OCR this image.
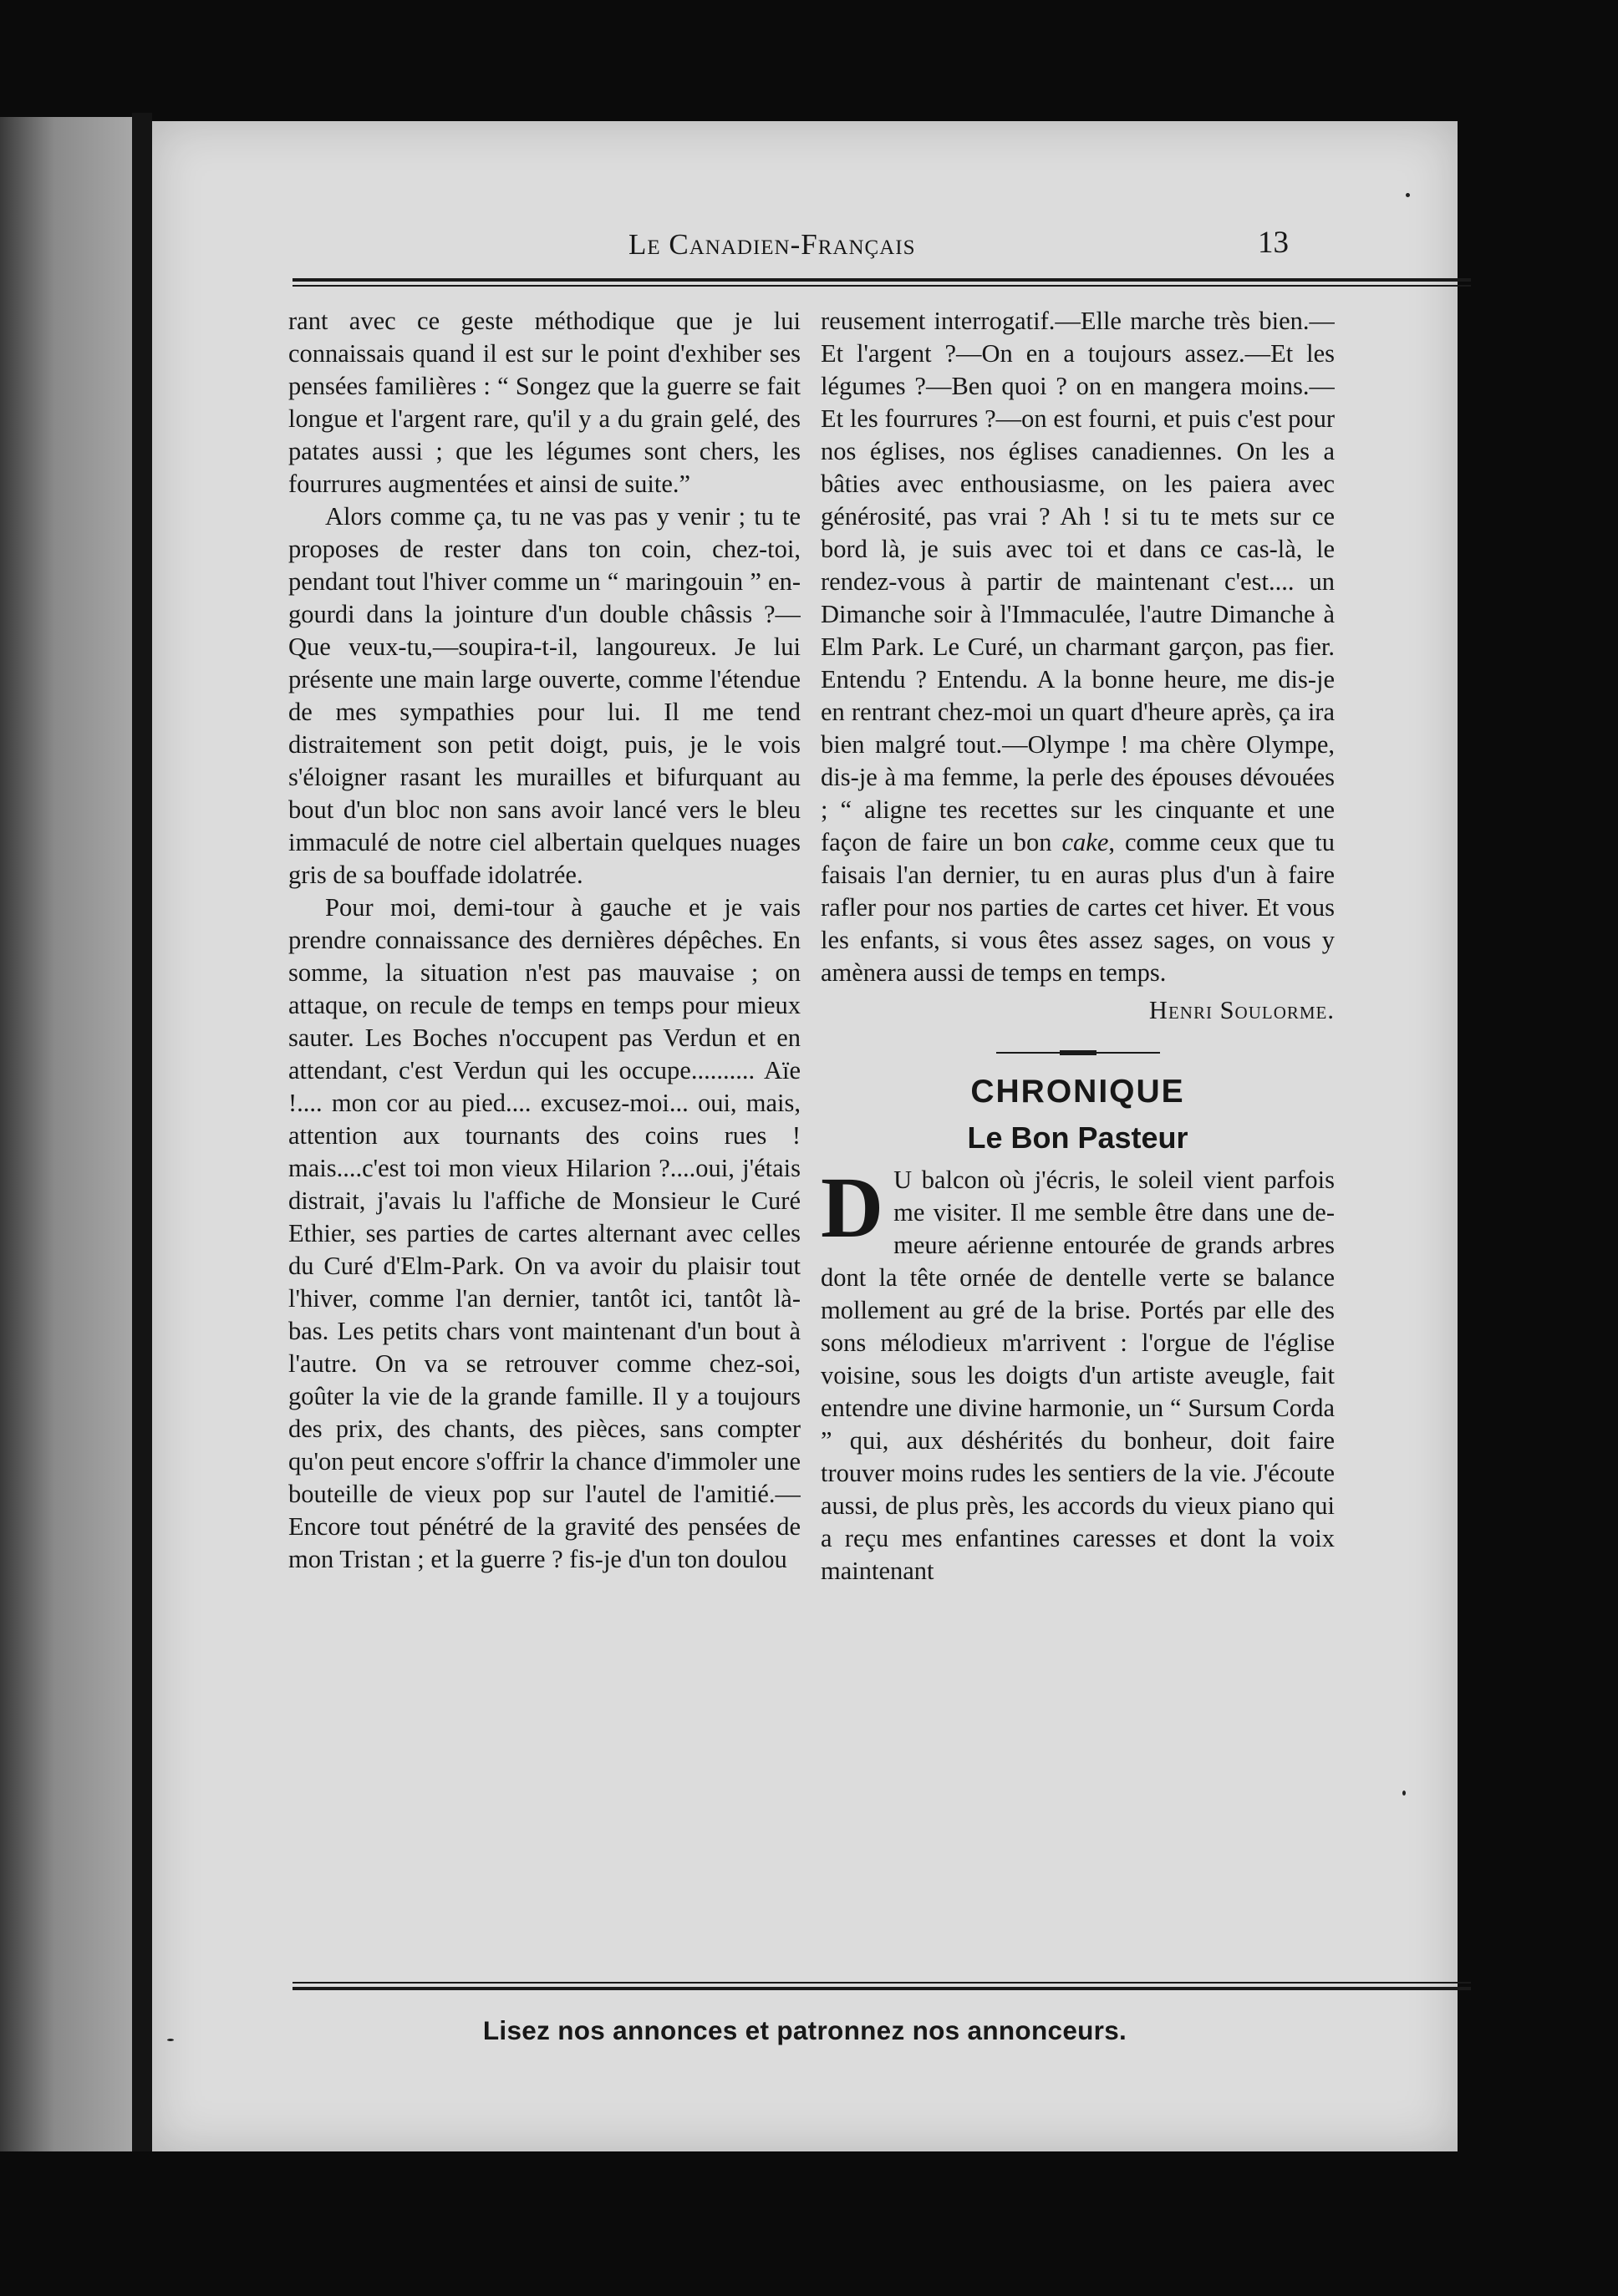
Le Canadien-Français	13

rant avec ce geste méthodique que je lui connaissais quand il est sur le point d'exhiber ses pensées familières : “ Songez que la guerre se fait longue et l'argent rare, qu'il y a du grain gelé, des patates aussi ; que les légumes sont chers, les fourrures augmentées et ainsi de suite.”

Alors comme ça, tu ne vas pas y venir ; tu te proposes de rester dans ton coin, chez-toi, pendant tout l'hiver comme un “ maringouin ” engourdi dans la jointure d'un double châssis ?—Que veux-tu,—soupira-t-il, langoureux. Je lui présente une main large ouverte, comme l'étendue de mes sympathies pour lui. Il me tend distraitement son petit doigt, puis, je le vois s'éloigner rasant les murailles et bifurquant au bout d'un bloc non sans avoir lancé vers le bleu immaculé de notre ciel albertain quelques nuages gris de sa bouffade idolatrée.

Pour moi, demi-tour à gauche et je vais prendre connaissance des dernières dépêches. En somme, la situation n'est pas mauvaise ; on attaque, on recule de temps en temps pour mieux sauter. Les Boches n'occupent pas Verdun et en attendant, c'est Verdun qui les occupe.......... Aïe !.... mon cor au pied.... excusez-moi... oui, mais, attention aux tournants des coins rues ! mais....c'est toi mon vieux Hilarion ?....oui, j'étais distrait, j'avais lu l'affiche de Monsieur le Curé Ethier, ses parties de cartes alternant avec celles du Curé d'Elm-Park. On va avoir du plaisir tout l'hiver, comme l'an dernier, tantôt ici, tantôt là-bas. Les petits chars vont maintenant d'un bout à l'autre. On va se retrouver comme chez-soi, goûter la vie de la grande famille. Il y a toujours des prix, des chants, des pièces, sans compter qu'on peut encore s'offrir la chance d'immoler une bouteille de vieux pop sur l'autel de l'amitié.—Encore tout pénétré de la gravité des pensées de mon Tristan ; et la guerre ? fis-je d'un ton doulou

reusement interrogatif.—Elle marche très bien.—Et l'argent ?—On en a toujours assez.—Et les légumes ?—Ben quoi ? on en mangera moins.—Et les fourrures ?—on est fourni, et puis c'est pour nos églises, nos églises canadiennes. On les a bâties avec enthousiasme, on les paiera avec générosité, pas vrai ? Ah ! si tu te mets sur ce bord là, je suis avec toi et dans ce cas-là, le rendez-vous à partir de maintenant c'est.... un Dimanche soir à l'Immaculée, l'autre Dimanche à Elm Park. Le Curé, un charmant garçon, pas fier. Entendu ? Entendu. A la bonne heure, me dis-je en rentrant chez-moi un quart d'heure après, ça ira bien malgré tout.—Olympe ! ma chère Olympe, dis-je à ma femme, la perle des épouses dévouées ; “ aligne tes recettes sur les cinquante et une façon de faire un bon cake, comme ceux que tu faisais l'an dernier, tu en auras plus d'un à faire rafler pour nos parties de cartes cet hiver. Et vous les enfants, si vous êtes assez sages, on vous y amènera aussi de temps en temps.

Henri Soulorme.
CHRONIQUE
Le Bon Pasteur

D U balcon où j'écris, le soleil vient parfois me visiter. Il me semble être dans une demeure aérienne entourée de grands arbres dont la tête ornée de dentelle verte se balance mollement au gré de la brise. Portés par elle des sons mélodieux m'arrivent : l'orgue de l'église voisine, sous les doigts d'un artiste aveugle, fait entendre une divine harmonie, un “ Sursum Corda ” qui, aux déshérités du bonheur, doit faire trouver moins rudes les sentiers de la vie. J'écoute aussi, de plus près, les accords du vieux piano qui a reçu mes enfantines caresses et dont la voix maintenant

Lisez nos annonces et patronnez nos annonceurs.
